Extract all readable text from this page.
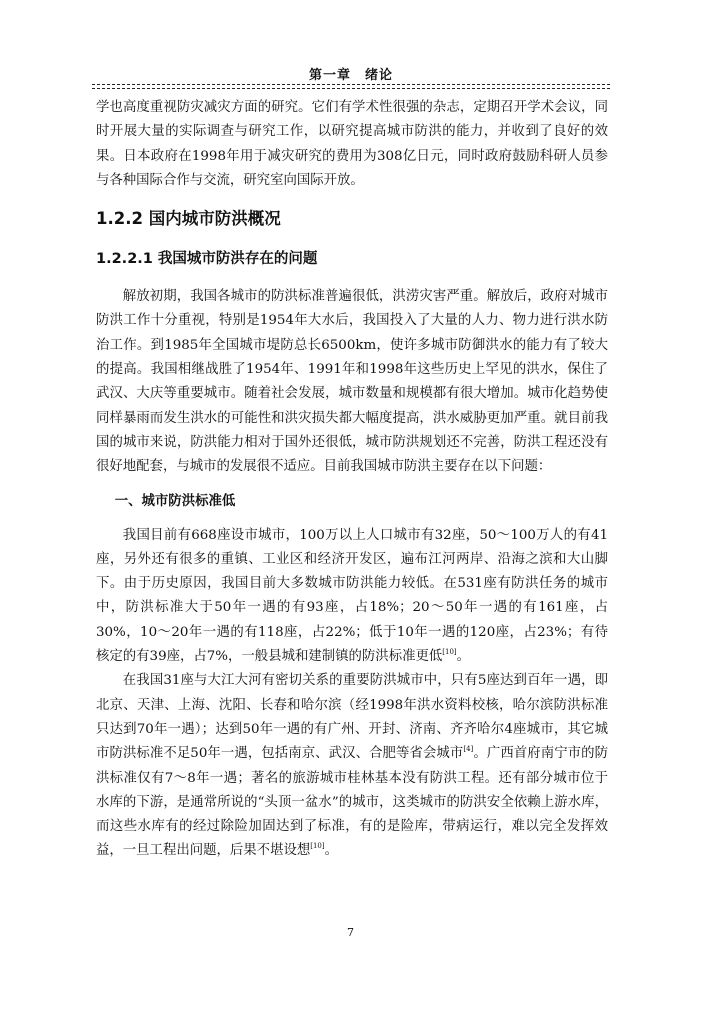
第一章　绪论

学也高度重视防灾减灾方面的研究。它们有学术性很强的杂志，定期召开学术会议，同时开展大量的实际调查与研究工作，以研究提高城市防洪的能力，并收到了良好的效果。日本政府在1998年用于减灾研究的费用为308亿日元，同时政府鼓励科研人员参与各种国际合作与交流，研究室向国际开放。

1.2.2 国内城市防洪概况
1.2.2.1 我国城市防洪存在的问题

解放初期，我国各城市的防洪标准普遍很低，洪涝灾害严重。解放后，政府对城市防洪工作十分重视，特别是1954年大水后，我国投入了大量的人力、物力进行洪水防治工作。到1985年全国城市堤防总长6500km，使许多城市防御洪水的能力有了较大的提高。我国相继战胜了1954年、1991年和1998年这些历史上罕见的洪水，保住了武汉、大庆等重要城市。随着社会发展，城市数量和规模都有很大增加。城市化趋势使同样暴雨而发生洪水的可能性和洪灾损失都大幅度提高，洪水威胁更加严重。就目前我国的城市来说，防洪能力相对于国外还很低，城市防洪规划还不完善，防洪工程还没有很好地配套，与城市的发展很不适应。目前我国城市防洪主要存在以下问题：

一、城市防洪标准低

我国目前有668座设市城市，100万以上人口城市有32座，50～100万人的有41座，另外还有很多的重镇、工业区和经济开发区，遍布江河两岸、沿海之滨和大山脚下。由于历史原因，我国目前大多数城市防洪能力较低。在531座有防洪任务的城市中，防洪标准大于50年一遇的有93座，占18%；20～50年一遇的有161座，占30%，10～20年一遇的有118座，占22%；低于10年一遇的120座，占23%；有待核定的有39座，占7%，一般县城和建制镇的防洪标准更低[10]。

在我国31座与大江大河有密切关系的重要防洪城市中，只有5座达到百年一遇，即北京、天津、上海、沈阳、长春和哈尔滨（经1998年洪水资料校核，哈尔滨防洪标准只达到70年一遇）；达到50年一遇的有广州、开封、济南、齐齐哈尔4座城市，其它城市防洪标准不足50年一遇，包括南京、武汉、合肥等省会城市[4]。广西首府南宁市的防洪标准仅有7～8年一遇；著名的旅游城市桂林基本没有防洪工程。还有部分城市位于水库的下游，是通常所说的“头顶一盆水”的城市，这类城市的防洪安全依赖上游水库，而这些水库有的经过除险加固达到了标准，有的是险库，带病运行，难以完全发挥效益，一旦工程出问题，后果不堪设想[10]。

7
